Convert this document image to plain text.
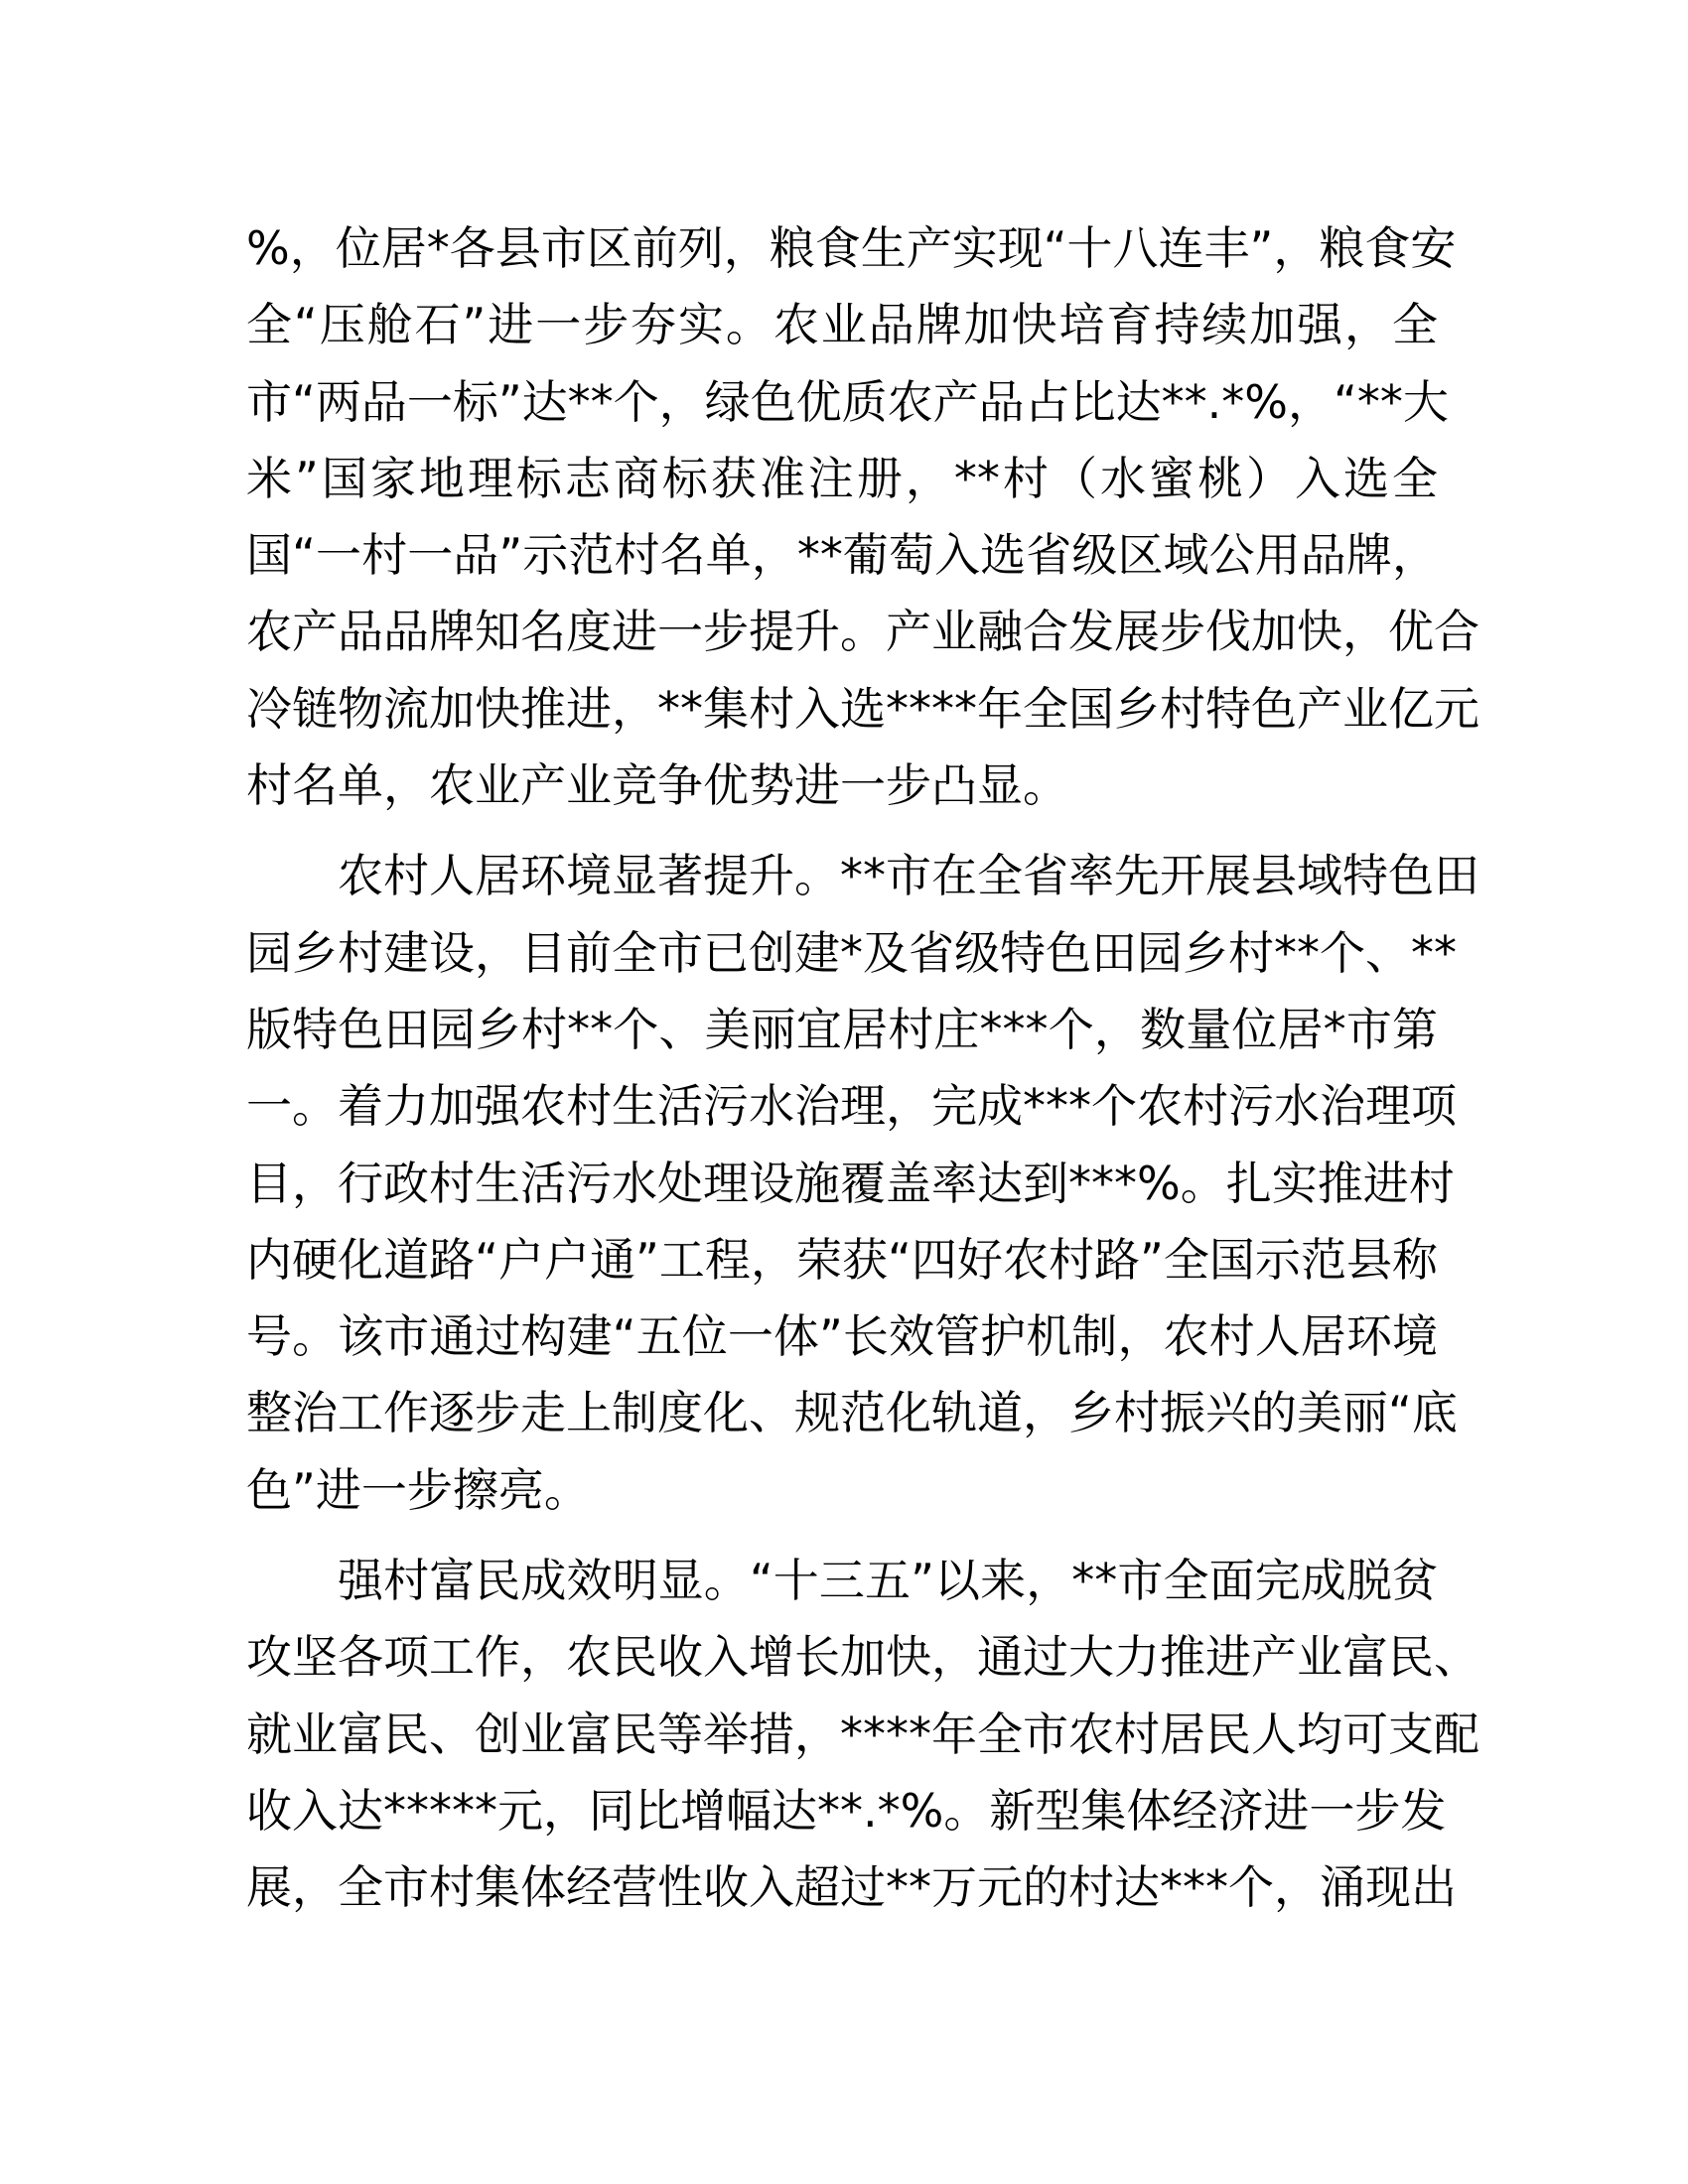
%，位居*各县市区前列，粮食生产实现“十八连丰”，粮食安
全“压舱石”进一步夯实。农业品牌加快培育持续加强，全
市“两品一标”达**个，绿色优质农产品占比达**.*%，“**大
米”国家地理标志商标获准注册，**村（水蜜桃）入选全
国“一村一品”示范村名单，**葡萄入选省级区域公用品牌，
农产品品牌知名度进一步提升。产业融合发展步伐加快，优合
冷链物流加快推进，**集村入选****年全国乡村特色产业亿元
村名单，农业产业竞争优势进一步凸显。

农村人居环境显著提升。**市在全省率先开展县域特色田
园乡村建设，目前全市已创建*及省级特色田园乡村**个、**
版特色田园乡村**个、美丽宜居村庄***个，数量位居*市第
一。着力加强农村生活污水治理，完成***个农村污水治理项
目，行政村生活污水处理设施覆盖率达到***%。扎实推进村
内硬化道路“户户通”工程，荣获“四好农村路”全国示范县称
号。该市通过构建“五位一体”长效管护机制，农村人居环境
整治工作逐步走上制度化、规范化轨道，乡村振兴的美丽“底
色”进一步擦亮。

强村富民成效明显。“十三五”以来，**市全面完成脱贫
攻坚各项工作，农民收入增长加快，通过大力推进产业富民、
就业富民、创业富民等举措，****年全市农村居民人均可支配
收入达*****元，同比增幅达**.*%。新型集体经济进一步发
展，全市村集体经营性收入超过**万元的村达***个，涌现出
